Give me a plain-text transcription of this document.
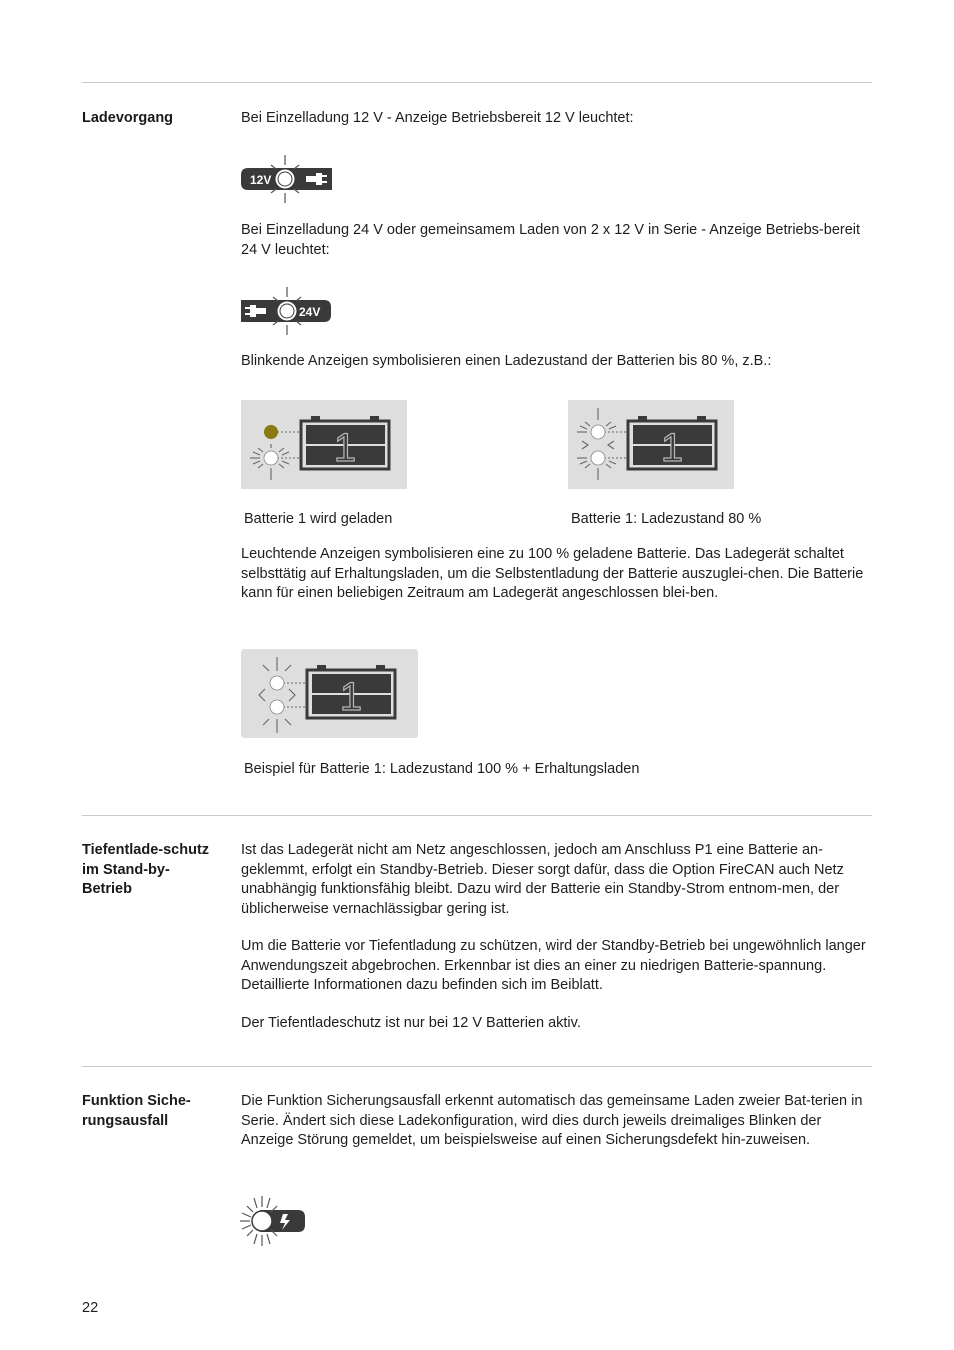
Ladevorgang	Bei Einzelladung 12 V - Anzeige Betriebsbereit 12 V leuchtet:

12V

Bei Einzelladung 24 V oder gemeinsamem Laden von 2 x 12 V in Serie - Anzeige Betriebs-bereit 24 V leuchtet:

24V

Blinkende Anzeigen symbolisieren einen Ladezustand der Batterien bis 80 %, z.B.:

1	1

Batterie 1 wird geladen	Batterie 1: Ladezustand 80 %

Leuchtende Anzeigen symbolisieren eine zu 100 % geladene Batterie. Das Ladegerät schaltet selbsttätig auf Erhaltungsladen, um die Selbstentladung der Batterie auszuglei-chen. Die Batterie kann für einen beliebigen Zeitraum am Ladegerät angeschlossen blei-ben.

1

Beispiel für Batterie 1: Ladezustand 100 % + Erhaltungsladen

Tiefentlade-schutz im Stand-by-Betrieb

Ist das Ladegerät nicht am Netz angeschlossen, jedoch am Anschluss P1 eine Batterie an-geklemmt, erfolgt ein Standby-Betrieb. Dieser sorgt dafür, dass die Option FireCAN auch Netz unabhängig funktionsfähig bleibt. Dazu wird der Batterie ein Standby-Strom entnom-men, der üblicherweise vernachlässigbar gering ist.

Um die Batterie vor Tiefentladung zu schützen, wird der Standby-Betrieb bei ungewöhnlich langer Anwendungszeit abgebrochen. Erkennbar ist dies an einer zu niedrigen Batterie-spannung. Detaillierte Informationen dazu befinden sich im Beiblatt.

Der Tiefentladeschutz ist nur bei 12 V Batterien aktiv.

Funktion Siche-rungsausfall

Die Funktion Sicherungsausfall erkennt automatisch das gemeinsame Laden zweier Bat-terien in Serie. Ändert sich diese Ladekonfiguration, wird dies durch jeweils dreimaliges Blinken der Anzeige Störung gemeldet, um beispielsweise auf einen Sicherungsdefekt hin-zuweisen.

22
